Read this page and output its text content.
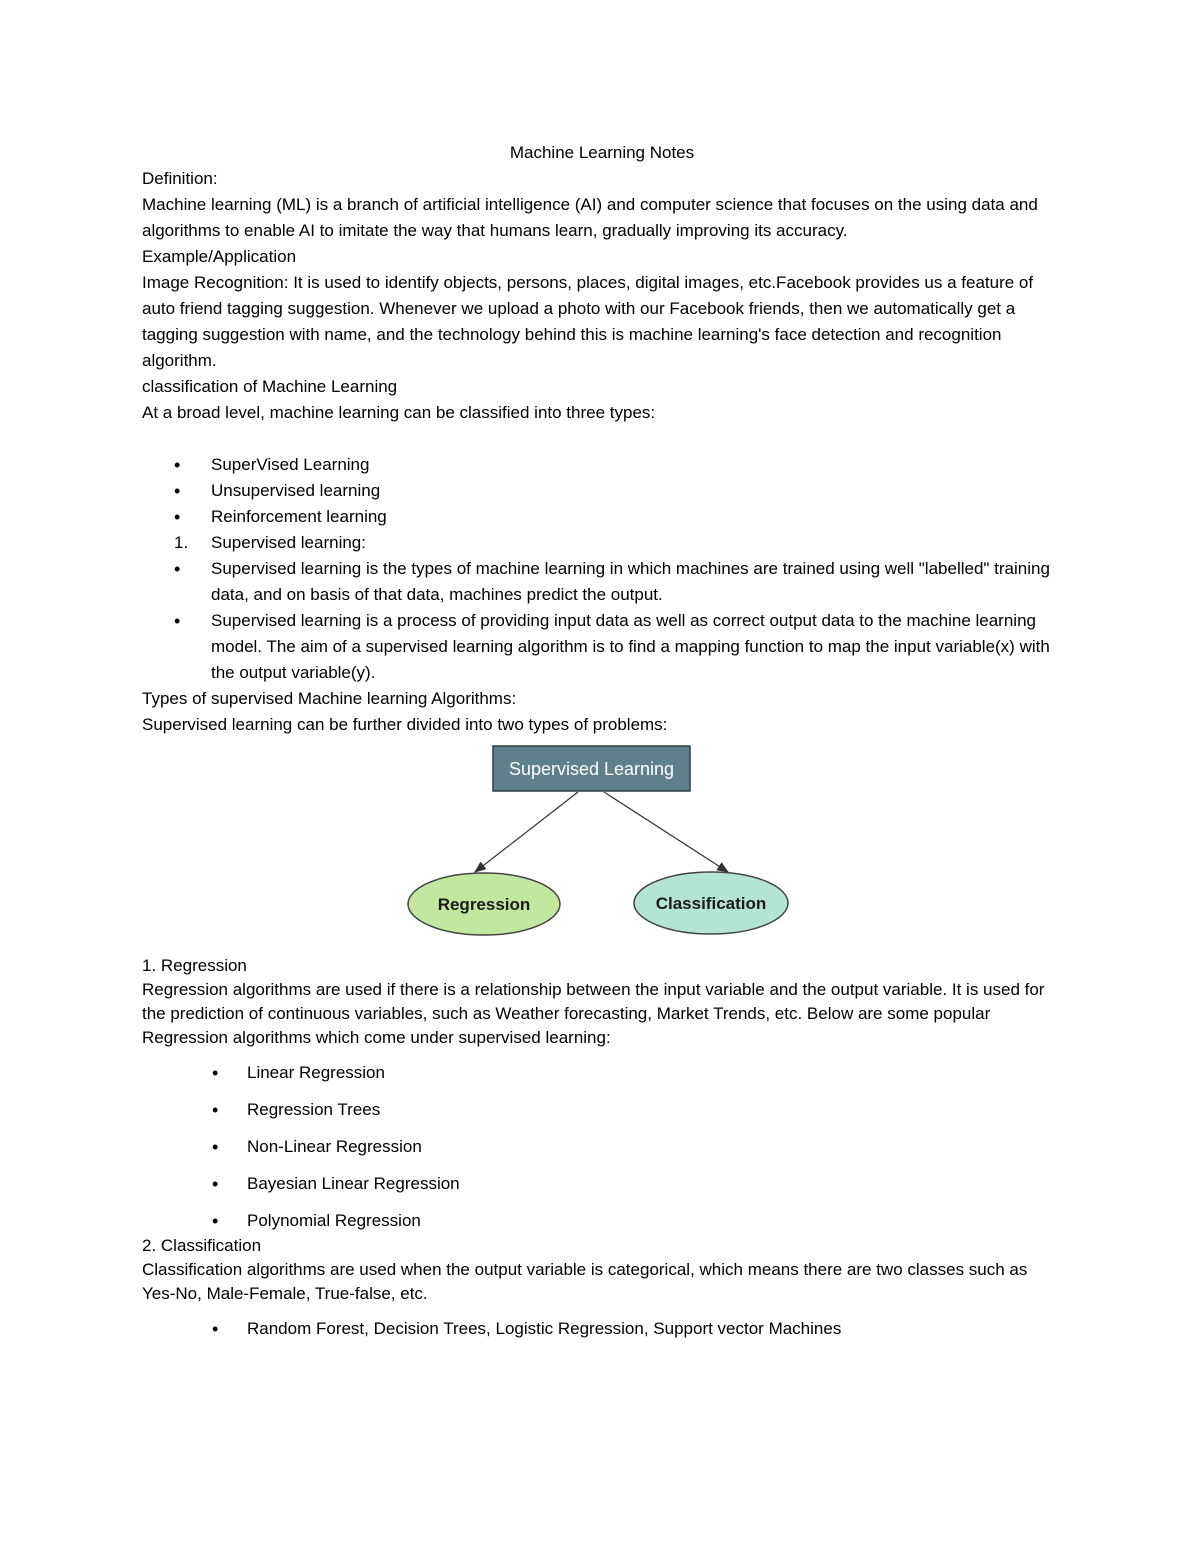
Machine Learning Notes

Definition:

Machine learning (ML) is a branch of artificial intelligence (AI) and computer science that focuses on the using data and algorithms to enable AI to imitate the way that humans learn, gradually improving its accuracy.

Example/Application

Image Recognition: It is used to identify objects, persons, places, digital images, etc.Facebook provides us a feature of auto friend tagging suggestion. Whenever we upload a photo with our Facebook friends, then we automatically get a tagging suggestion with name, and the technology behind this is machine learning's face detection and recognition algorithm.

classification of Machine Learning

At a broad level, machine learning can be classified into three types:

• SuperVised Learning
• Unsupervised learning
• Reinforcement learning
1. Supervised learning:
• Supervised learning is the types of machine learning in which machines are trained using well "labelled" training data, and on basis of that data, machines predict the output.
• Supervised learning is a process of providing input data as well as correct output data to the machine learning model. The aim of a supervised learning algorithm is to find a mapping function to map the input variable(x) with the output variable(y).

Types of supervised Machine learning Algorithms:

Supervised learning can be further divided into two types of problems:

Supervised Learning
Regression	Classification

1. Regression

Regression algorithms are used if there is a relationship between the input variable and the output variable. It is used for the prediction of continuous variables, such as Weather forecasting, Market Trends, etc. Below are some popular Regression algorithms which come under supervised learning:

• Linear Regression
• Regression Trees
• Non-Linear Regression
• Bayesian Linear Regression
• Polynomial Regression

2. Classification

Classification algorithms are used when the output variable is categorical, which means there are two classes such as Yes-No, Male-Female, True-false, etc.

• Random Forest, Decision Trees, Logistic Regression, Support vector Machines
